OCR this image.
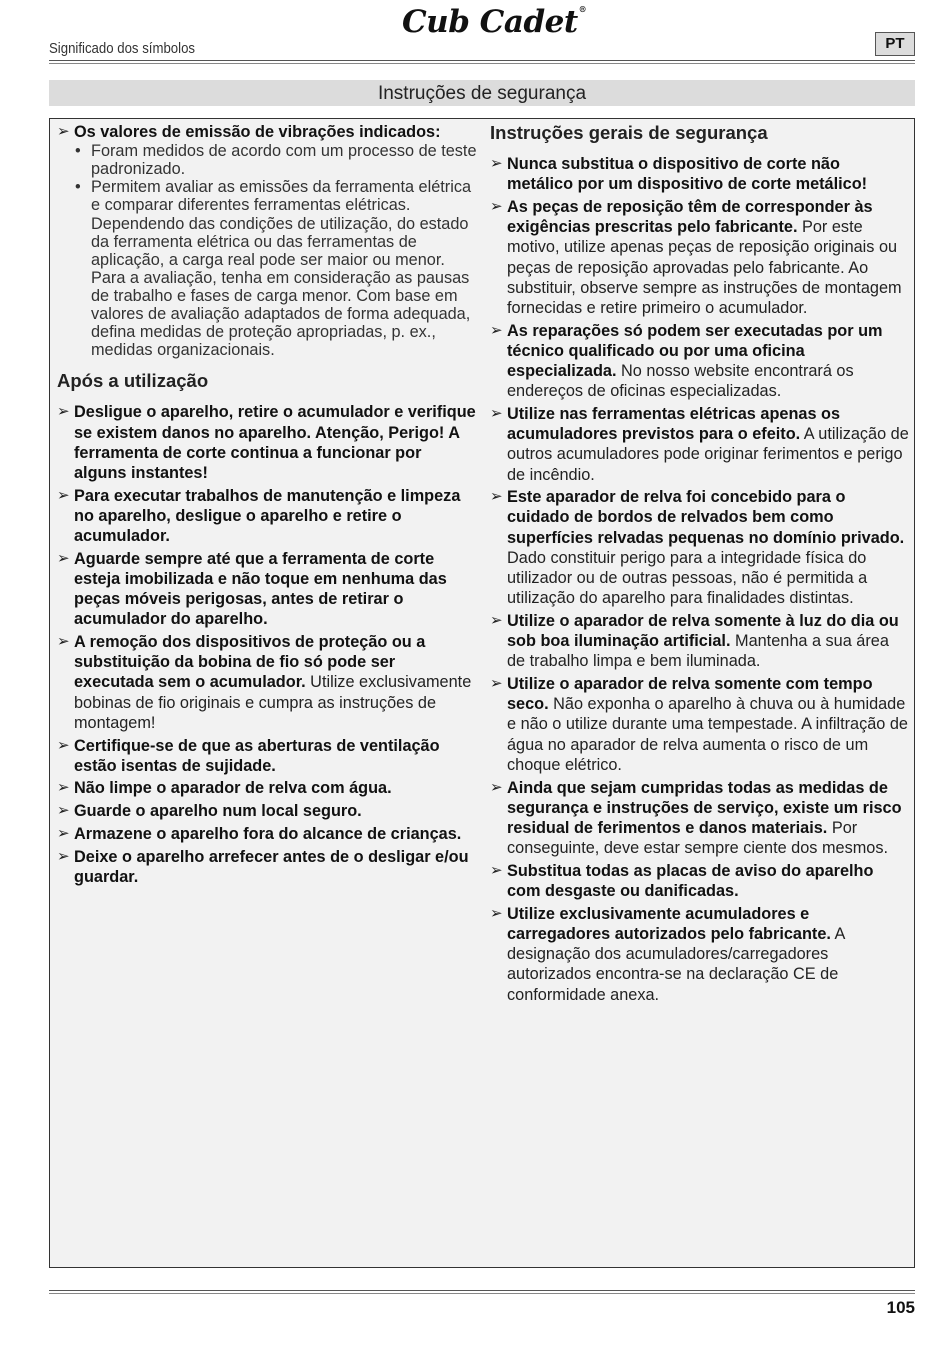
Significado dos símbolos
Cub Cadet®
PT
Instruções de segurança
➢ Os valores de emissão de vibrações indicados:
• Foram medidos de acordo com um processo de teste padronizado.
• Permitem avaliar as emissões da ferramenta elétrica e comparar diferentes ferramentas elétricas. Dependendo das condições de utilização, do estado da ferramenta elétrica ou das ferramentas de aplicação, a carga real pode ser maior ou menor. Para a avaliação, tenha em consideração as pausas de trabalho e fases de carga menor. Com base em valores de avaliação adaptados de forma adequada, defina medidas de proteção apropriadas, p. ex., medidas organizacionais.
Após a utilização
➢ Desligue o aparelho, retire o acumulador e verifique se existem danos no aparelho. Atenção, Perigo! A ferramenta de corte continua a funcionar por alguns instantes!
➢ Para executar trabalhos de manutenção e limpeza no aparelho, desligue o aparelho e retire o acumulador.
➢ Aguarde sempre até que a ferramenta de corte esteja imobilizada e não toque em nenhuma das peças móveis perigosas, antes de retirar o acumulador do aparelho.
➢ A remoção dos dispositivos de proteção ou a substituição da bobina de fio só pode ser executada sem o acumulador. Utilize exclusivamente bobinas de fio originais e cumpra as instruções de montagem!
➢ Certifique-se de que as aberturas de ventilação estão isentas de sujidade.
➢ Não limpe o aparador de relva com água.
➢ Guarde o aparelho num local seguro.
➢ Armazene o aparelho fora do alcance de crianças.
➢ Deixe o aparelho arrefecer antes de o desligar e/ou guardar.
Instruções gerais de segurança
➢ Nunca substitua o dispositivo de corte não metálico por um dispositivo de corte metálico!
➢ As peças de reposição têm de corresponder às exigências prescritas pelo fabricante. Por este motivo, utilize apenas peças de reposição originais ou peças de reposição aprovadas pelo fabricante. Ao substituir, observe sempre as instruções de montagem fornecidas e retire primeiro o acumulador.
➢ As reparações só podem ser executadas por um técnico qualificado ou por uma oficina especializada. No nosso website encontrará os endereços de oficinas especializadas.
➢ Utilize nas ferramentas elétricas apenas os acumuladores previstos para o efeito. A utilização de outros acumuladores pode originar ferimentos e perigo de incêndio.
➢ Este aparador de relva foi concebido para o cuidado de bordos de relvados bem como superfícies relvadas pequenas no domínio privado. Dado constituir perigo para a integridade física do utilizador ou de outras pessoas, não é permitida a utilização do aparelho para finalidades distintas.
➢ Utilize o aparador de relva somente à luz do dia ou sob boa iluminação artificial. Mantenha a sua área de trabalho limpa e bem iluminada.
➢ Utilize o aparador de relva somente com tempo seco. Não exponha o aparelho à chuva ou à humidade e não o utilize durante uma tempestade. A infiltração de água no aparador de relva aumenta o risco de um choque elétrico.
➢ Ainda que sejam cumpridas todas as medidas de segurança e instruções de serviço, existe um risco residual de ferimentos e danos materiais. Por conseguinte, deve estar sempre ciente dos mesmos.
➢ Substitua todas as placas de aviso do aparelho com desgaste ou danificadas.
➢ Utilize exclusivamente acumuladores e carregadores autorizados pelo fabricante. A designação dos acumuladores/carregadores autorizados encontra-se na declaração CE de conformidade anexa.
105
